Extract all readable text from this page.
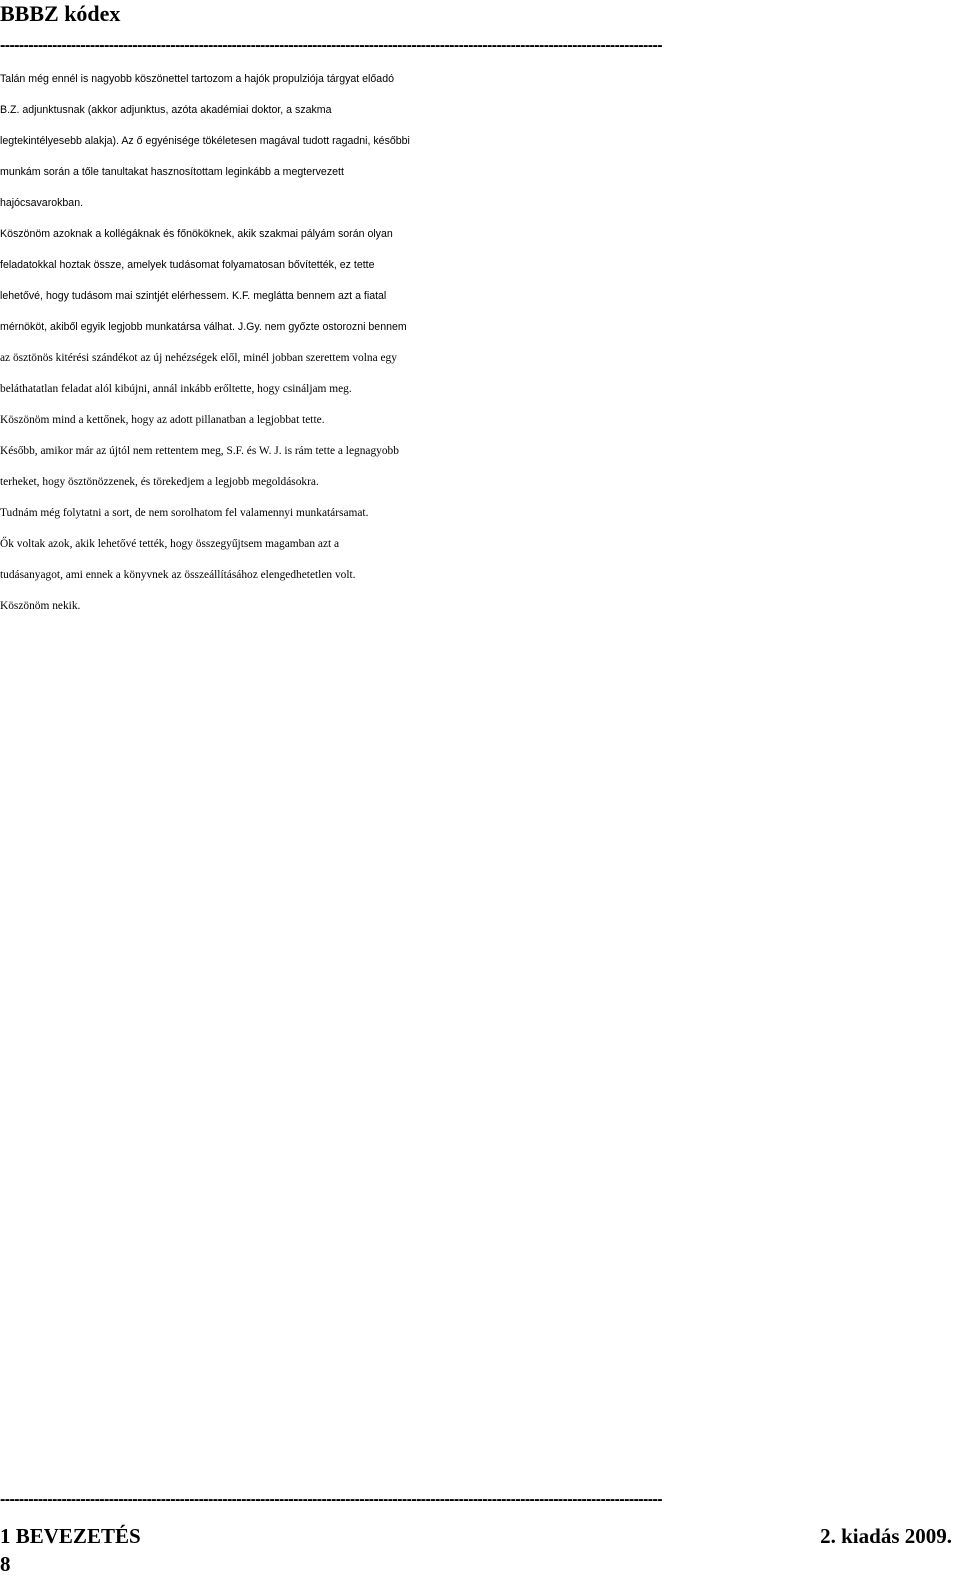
BBBZ kódex
--------------------------------------------------------------------------------------------------------------------------------------------
Talán még ennél is nagyobb köszönettel tartozom a hajók propulziója tárgyat előadó
B.Z. adjunktusnak (akkor adjunktus, azóta akadémiai doktor, a szakma
legtekintélyesebb alakja). Az ő egyénisége tökéletesen magával tudott ragadni, későbbi
munkám során a tőle tanultakat hasznosítottam leginkább a megtervezett
hajócsavarokban.
Köszönöm azoknak a kollégáknak és főnököknek, akik szakmai pályám során olyan
feladatokkal hoztak össze, amelyek tudásomat folyamatosan bővítették, ez tette
lehetővé, hogy tudásom mai szintjét elérhessem. K.F. meglátta bennem azt a fiatal
mérnököt, akiből egyik legjobb munkatársa válhat. J.Gy. nem győzte ostorozni bennem
az ösztönös kitérési szándékot az új nehézségek elől, minél jobban szerettem volna egy
beláthatatlan feladat alól kibújni, annál inkább erőltette, hogy csináljam meg.
Köszönöm mind a kettőnek, hogy az adott pillanatban a legjobbat tette.
Később, amikor már az újtól nem rettentem meg, S.F. és W. J. is rám tette a legnagyobb
terheket, hogy ösztönözzenek, és törekedjem a legjobb megoldásokra.
Tudnám még folytatni a sort, de nem sorolhatom fel valamennyi munkatársamat.
Ők voltak azok, akik lehetővé tették, hogy összegyűjtsem magamban azt a
tudásanyagot, ami ennek a könyvnek az összeállításához elengedhetetlen volt.
Köszönöm nekik.
--------------------------------------------------------------------------------------------------------------------------------------------
1 BEVEZETÉS	2. kiadás 2009.
8
